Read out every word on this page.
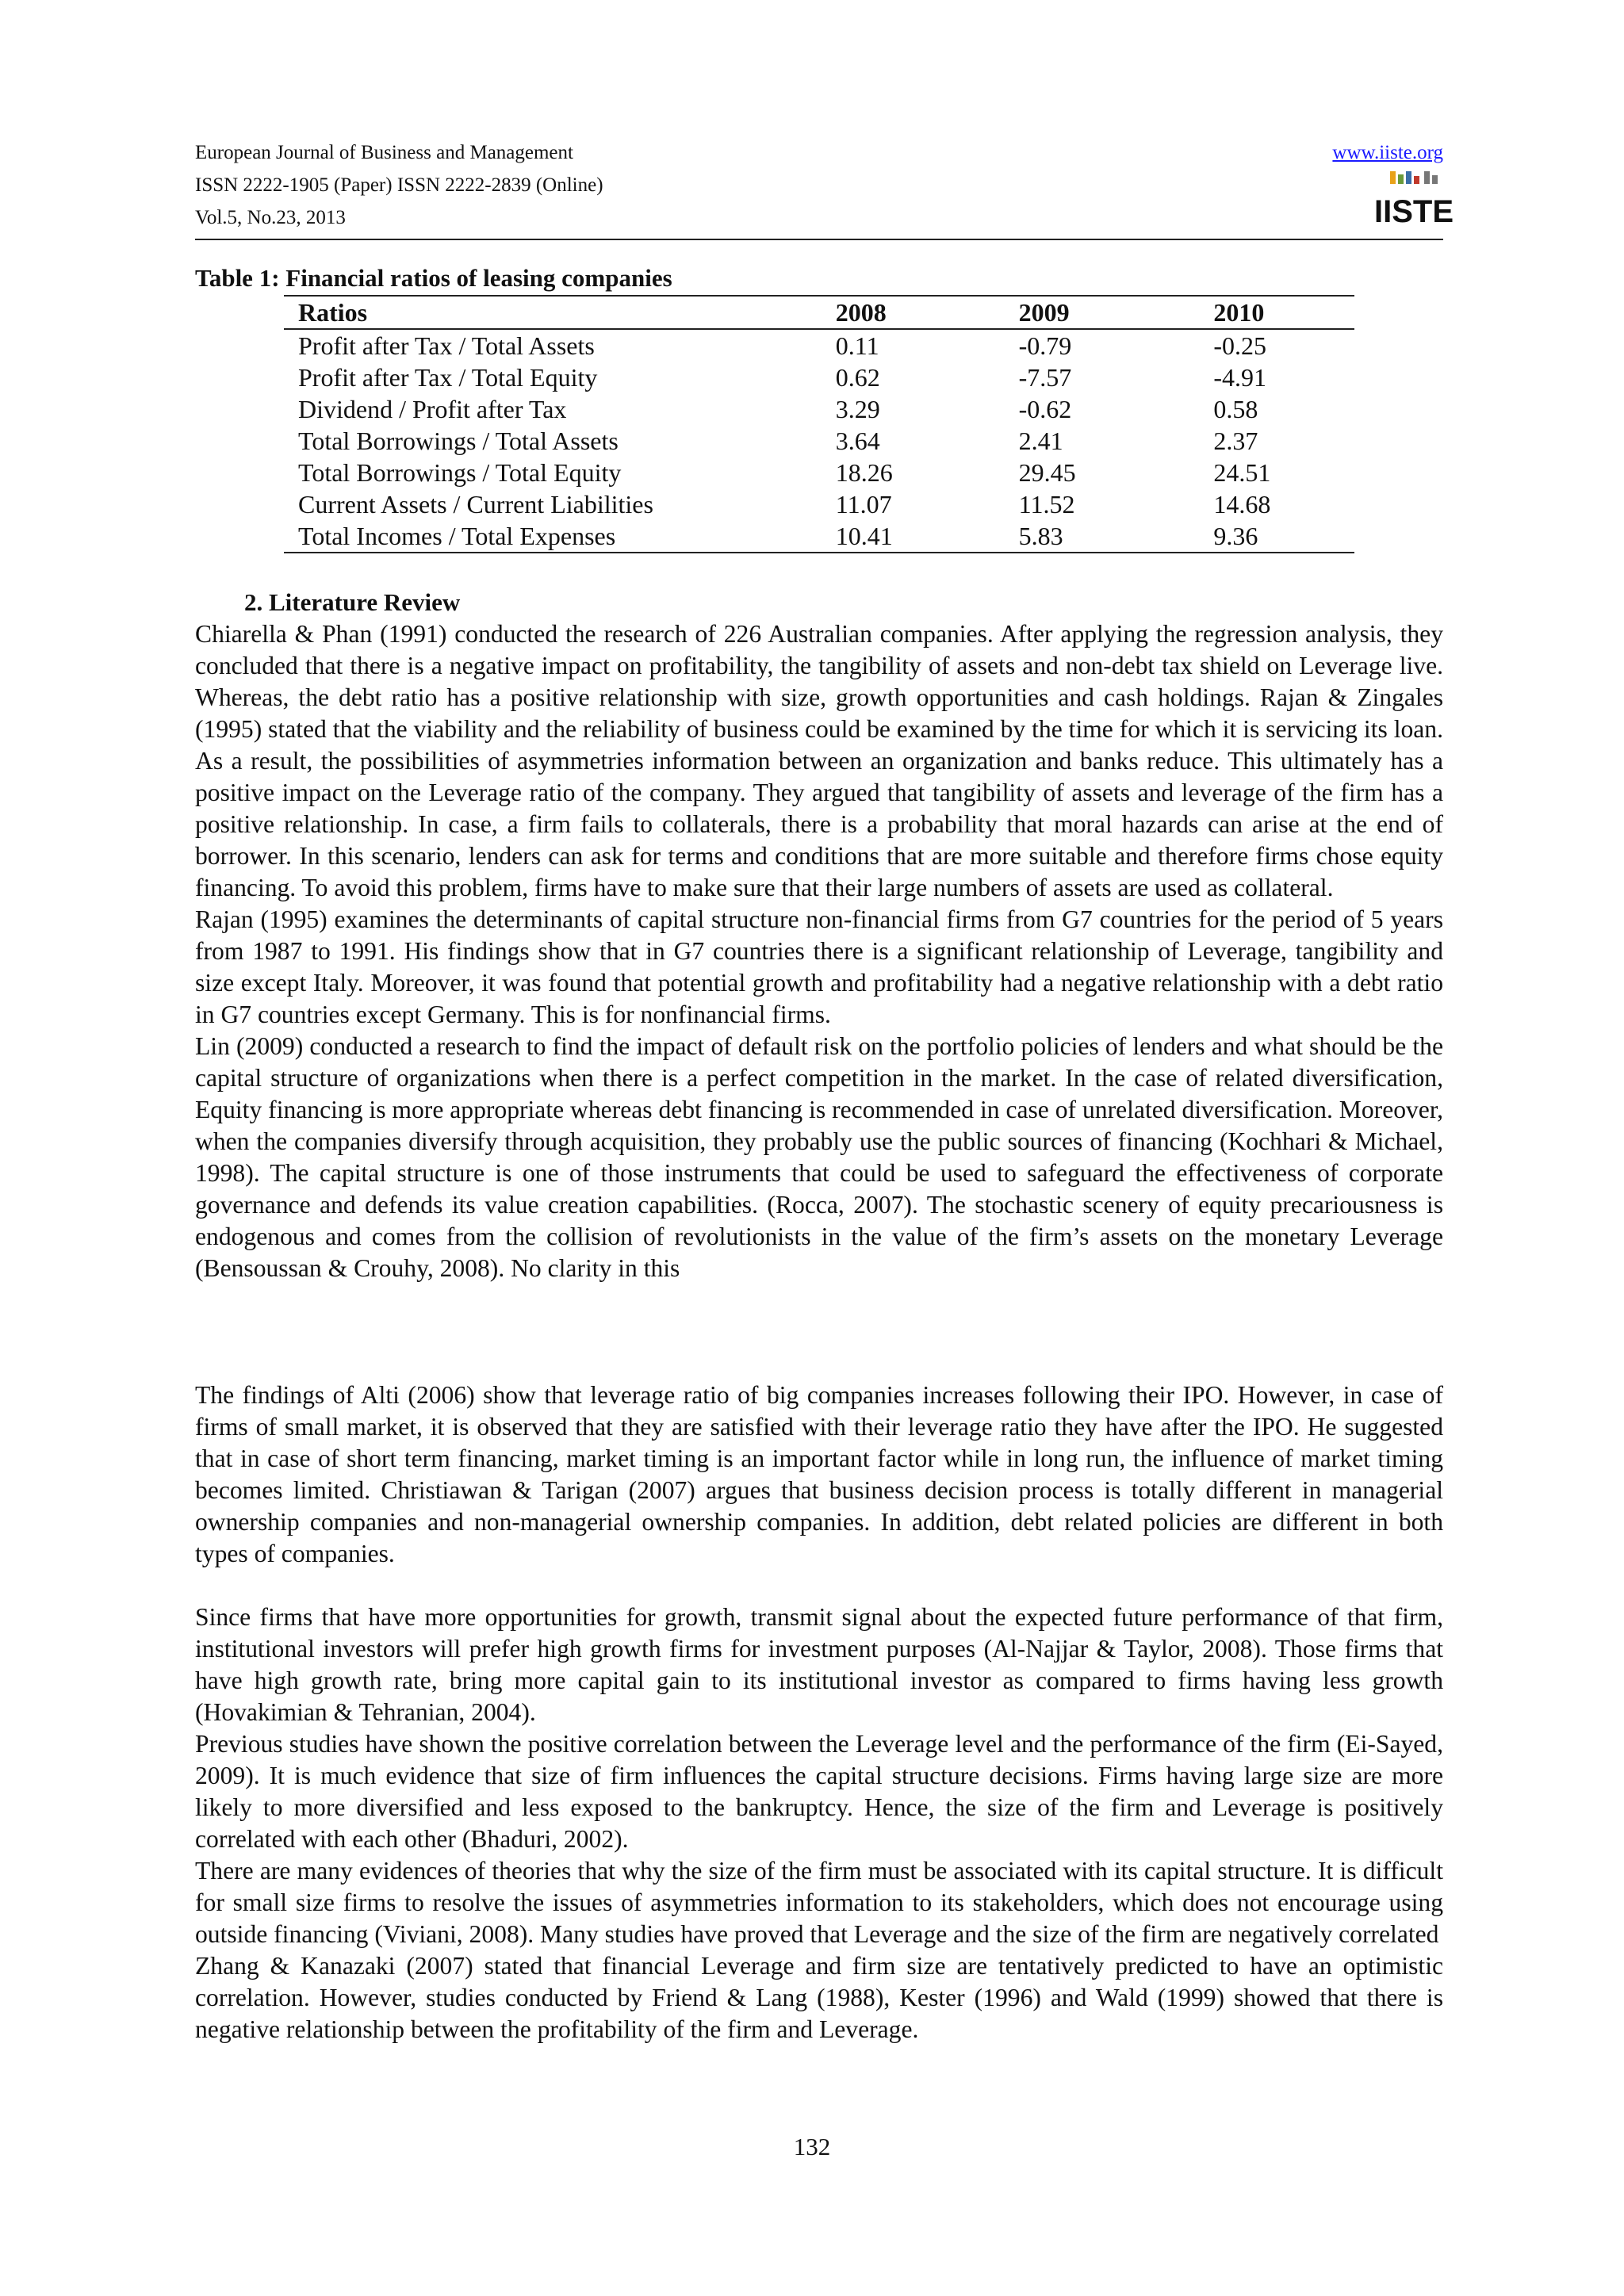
European Journal of Business and Management
ISSN 2222-1905 (Paper) ISSN 2222-2839 (Online)
Vol.5, No.23, 2013
www.iiste.org
IISTE
Table 1: Financial ratios of leasing companies
Ratios	2008	2009	2010
Profit after Tax / Total Assets	0.11	-0.79	-0.25
Profit after Tax / Total Equity	0.62	-7.57	-4.91
Dividend / Profit after Tax	3.29	-0.62	0.58
Total Borrowings / Total Assets	3.64	2.41	2.37
Total Borrowings / Total Equity	18.26	29.45	24.51
Current Assets / Current Liabilities	11.07	11.52	14.68
Total Incomes / Total Expenses	10.41	5.83	9.36
2. Literature Review

Chiarella & Phan (1991) conducted the research of 226 Australian companies. After applying the regression analysis, they concluded that there is a negative impact on profitability, the tangibility of assets and non-debt tax shield on Leverage live. Whereas, the debt ratio has a positive relationship with size, growth opportunities and cash holdings. Rajan & Zingales (1995) stated that the viability and the reliability of business could be examined by the time for which it is servicing its loan. As a result, the possibilities of asymmetries information between an organization and banks reduce. This ultimately has a positive impact on the Leverage ratio of the company. They argued that tangibility of assets and leverage of the firm has a positive relationship. In case, a firm fails to collaterals, there is a probability that moral hazards can arise at the end of borrower. In this scenario, lenders can ask for terms and conditions that are more suitable and therefore firms chose equity financing. To avoid this problem, firms have to make sure that their large numbers of assets are used as collateral.

Rajan (1995) examines the determinants of capital structure non-financial firms from G7 countries for the period of 5 years from 1987 to 1991. His findings show that in G7 countries there is a significant relationship of Leverage, tangibility and size except Italy. Moreover, it was found that potential growth and profitability had a negative relationship with a debt ratio in G7 countries except Germany. This is for nonfinancial firms.

Lin (2009) conducted a research to find the impact of default risk on the portfolio policies of lenders and what should be the capital structure of organizations when there is a perfect competition in the market. In the case of related diversification, Equity financing is more appropriate whereas debt financing is recommended in case of unrelated diversification. Moreover, when the companies diversify through acquisition, they probably use the public sources of financing (Kochhari & Michael, 1998). The capital structure is one of those instruments that could be used to safeguard the effectiveness of corporate governance and defends its value creation capabilities. (Rocca, 2007). The stochastic scenery of equity precariousness is endogenous and comes from the collision of revolutionists in the value of the firm’s assets on the monetary Leverage (Bensoussan & Crouhy, 2008). No clarity in this

The findings of Alti (2006) show that leverage ratio of big companies increases following their IPO. However, in case of firms of small market, it is observed that they are satisfied with their leverage ratio they have after the IPO. He suggested that in case of short term financing, market timing is an important factor while in long run, the influence of market timing becomes limited. Christiawan & Tarigan (2007) argues that business decision process is totally different in managerial ownership companies and non-managerial ownership companies. In addition, debt related policies are different in both types of companies.

Since firms that have more opportunities for growth, transmit signal about the expected future performance of that firm, institutional investors will prefer high growth firms for investment purposes (Al-Najjar & Taylor, 2008). Those firms that have high growth rate, bring more capital gain to its institutional investor as compared to firms having less growth (Hovakimian & Tehranian, 2004).

Previous studies have shown the positive correlation between the Leverage level and the performance of the firm (Ei-Sayed, 2009). It is much evidence that size of firm influences the capital structure decisions. Firms having large size are more likely to more diversified and less exposed to the bankruptcy. Hence, the size of the firm and Leverage is positively correlated with each other (Bhaduri, 2002).

There are many evidences of theories that why the size of the firm must be associated with its capital structure. It is difficult for small size firms to resolve the issues of asymmetries information to its stakeholders, which does not encourage using outside financing (Viviani, 2008). Many studies have proved that Leverage and the size of the firm are negatively correlated

Zhang & Kanazaki (2007) stated that financial Leverage and firm size are tentatively predicted to have an optimistic correlation. However, studies conducted by Friend & Lang (1988), Kester (1996) and Wald (1999) showed that there is negative relationship between the profitability of the firm and Leverage.

132
